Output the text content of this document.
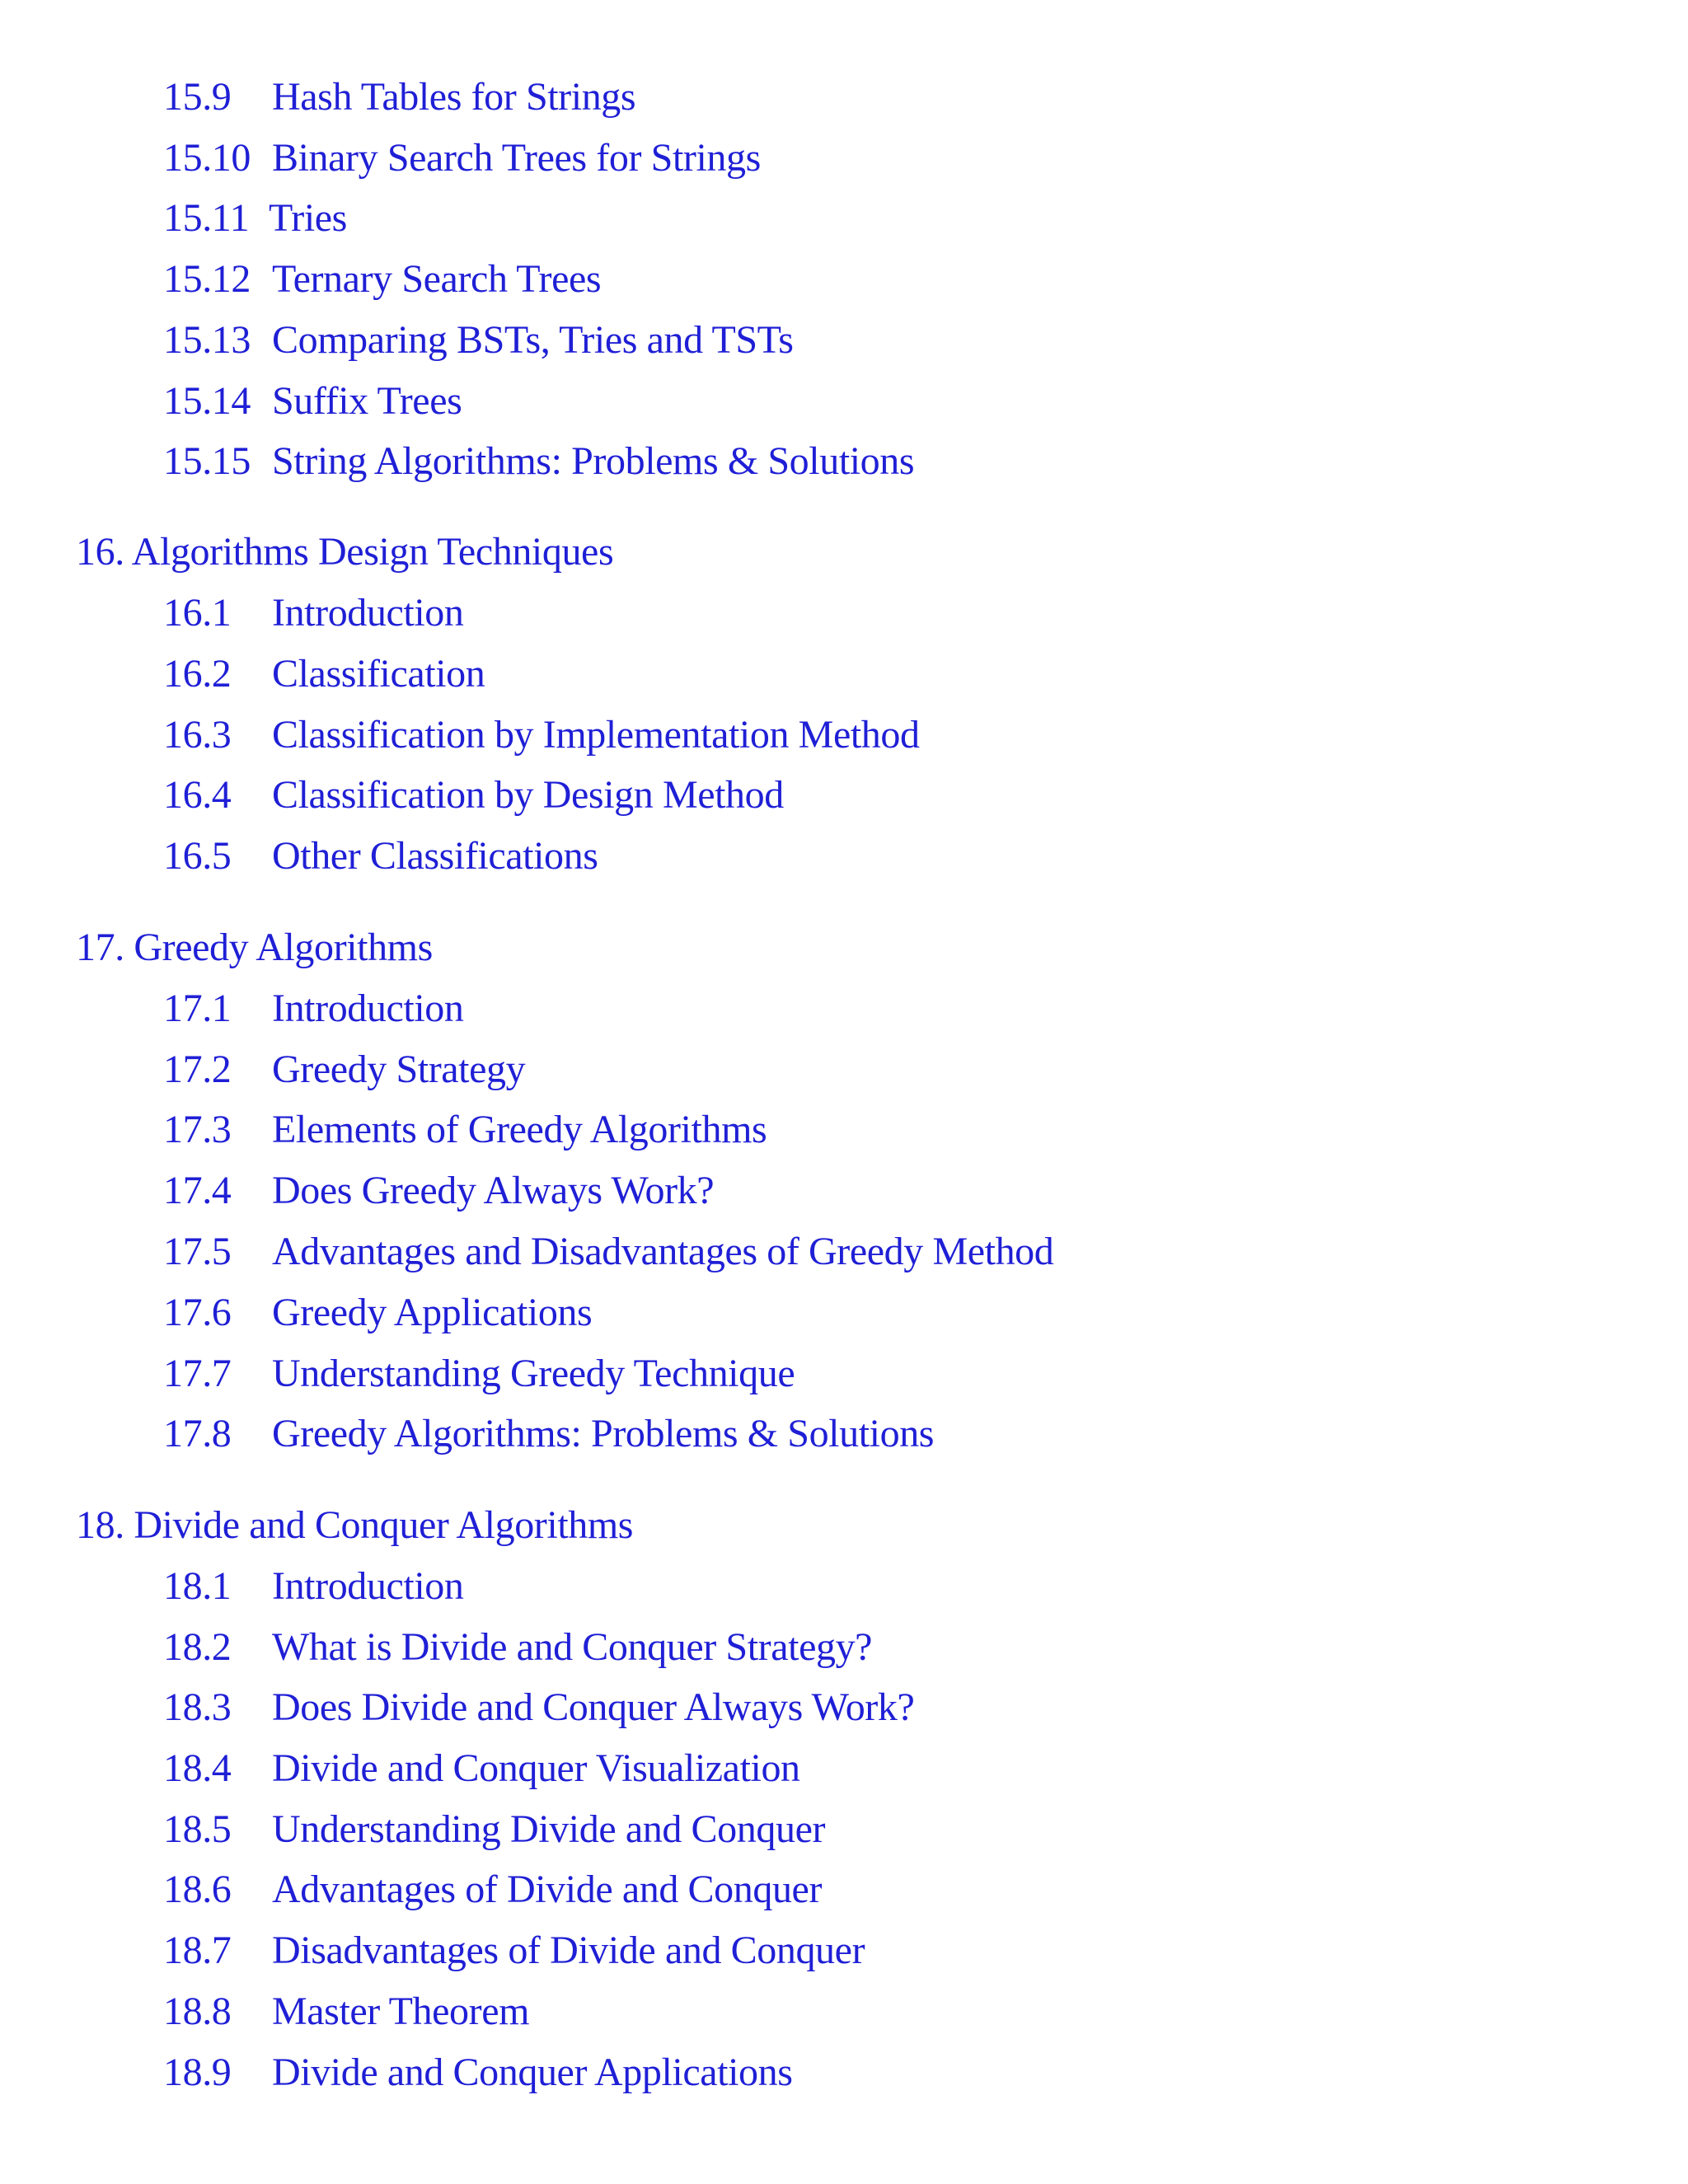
15.9 Hash Tables for Strings
15.10 Binary Search Trees for Strings
15.11 Tries
15.12 Ternary Search Trees
15.13 Comparing BSTs, Tries and TSTs
15.14 Suffix Trees
15.15 String Algorithms: Problems & Solutions
16. Algorithms Design Techniques
16.1 Introduction
16.2 Classification
16.3 Classification by Implementation Method
16.4 Classification by Design Method
16.5 Other Classifications
17. Greedy Algorithms
17.1 Introduction
17.2 Greedy Strategy
17.3 Elements of Greedy Algorithms
17.4 Does Greedy Always Work?
17.5 Advantages and Disadvantages of Greedy Method
17.6 Greedy Applications
17.7 Understanding Greedy Technique
17.8 Greedy Algorithms: Problems & Solutions
18. Divide and Conquer Algorithms
18.1 Introduction
18.2 What is Divide and Conquer Strategy?
18.3 Does Divide and Conquer Always Work?
18.4 Divide and Conquer Visualization
18.5 Understanding Divide and Conquer
18.6 Advantages of Divide and Conquer
18.7 Disadvantages of Divide and Conquer
18.8 Master Theorem
18.9 Divide and Conquer Applications
